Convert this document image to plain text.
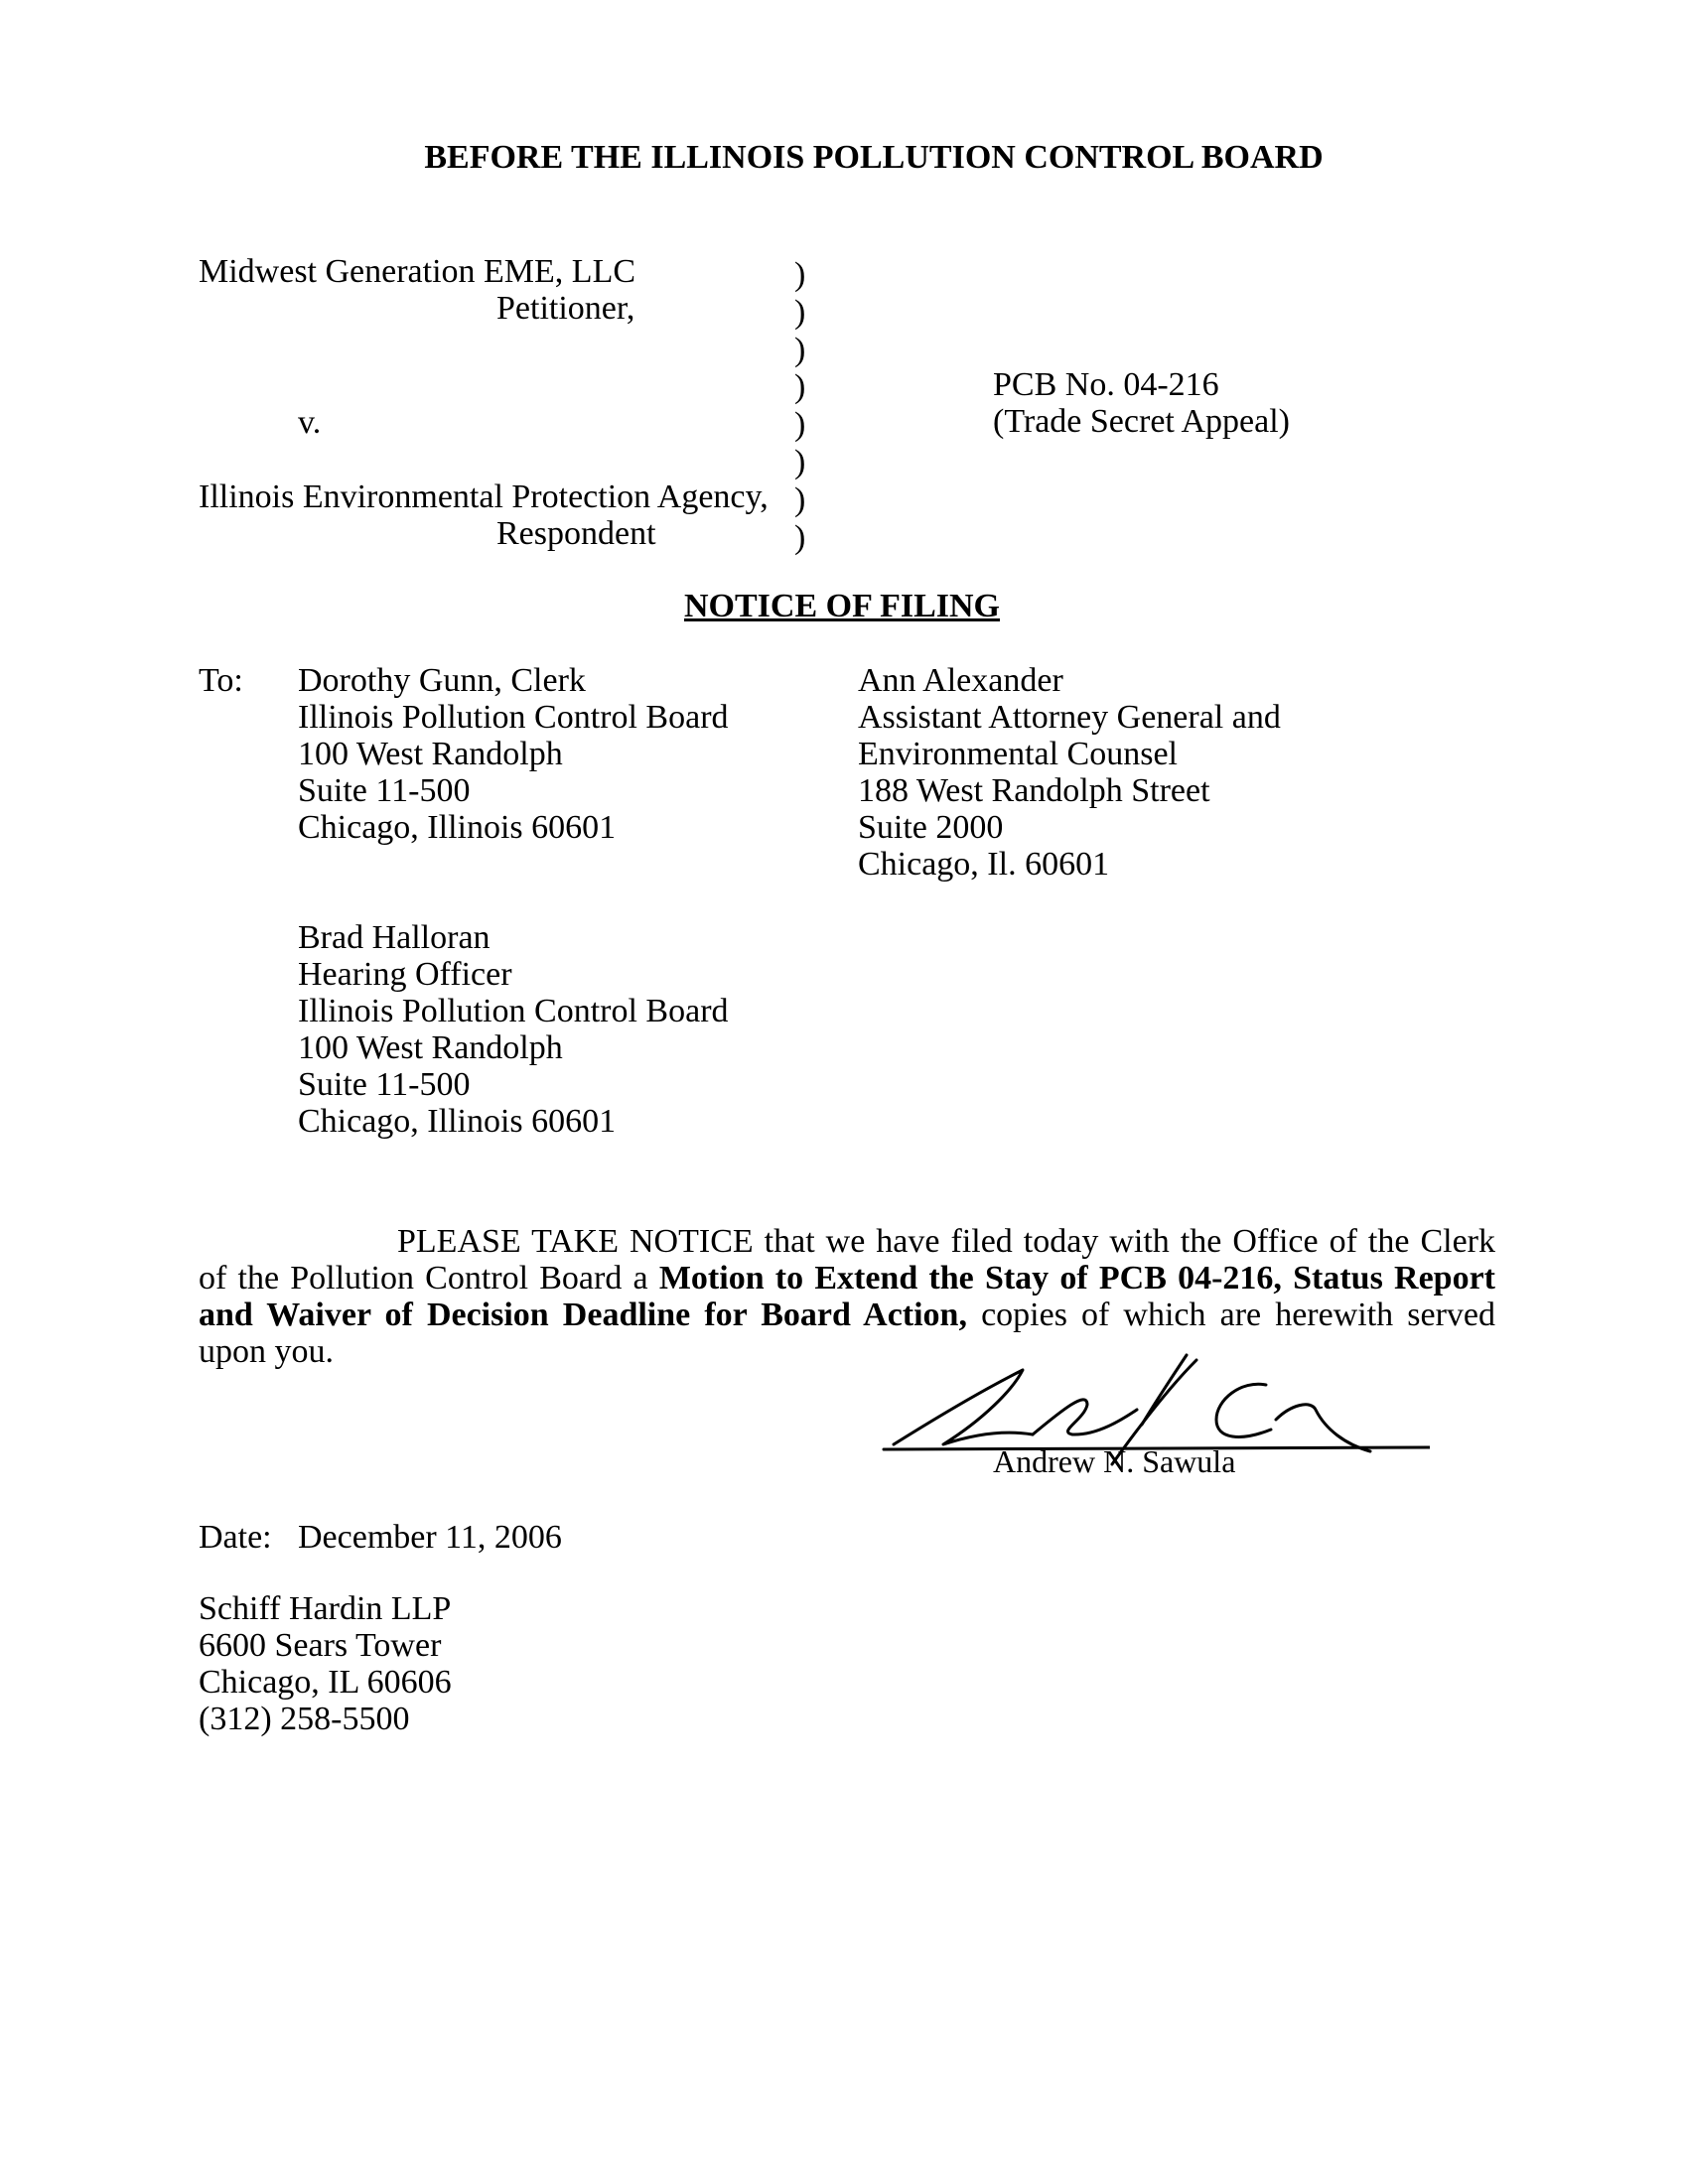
BEFORE THE ILLINOIS POLLUTION CONTROL BOARD
Midwest Generation EME, LLC
Petitioner,
v.
Illinois Environmental Protection Agency,
Respondent
)
)
)
)
)
)
)
)
PCB No. 04-216
(Trade Secret Appeal)
NOTICE OF FILING
To: Dorothy Gunn, Clerk
Illinois Pollution Control Board
100 West Randolph
Suite 11-500
Chicago, Illinois 60601
Ann Alexander
Assistant Attorney General and
Environmental Counsel
188 West Randolph Street
Suite 2000
Chicago, Il. 60601
Brad Halloran
Hearing Officer
Illinois Pollution Control Board
100 West Randolph
Suite 11-500
Chicago, Illinois 60601
PLEASE TAKE NOTICE that we have filed today with the Office of the Clerk of the Pollution Control Board a Motion to Extend the Stay of PCB 04-216, Status Report and Waiver of Decision Deadline for Board Action, copies of which are herewith served upon you.
Andrew N. Sawula
Date: December 11, 2006
Schiff Hardin LLP
6600 Sears Tower
Chicago, IL 60606
(312) 258-5500
